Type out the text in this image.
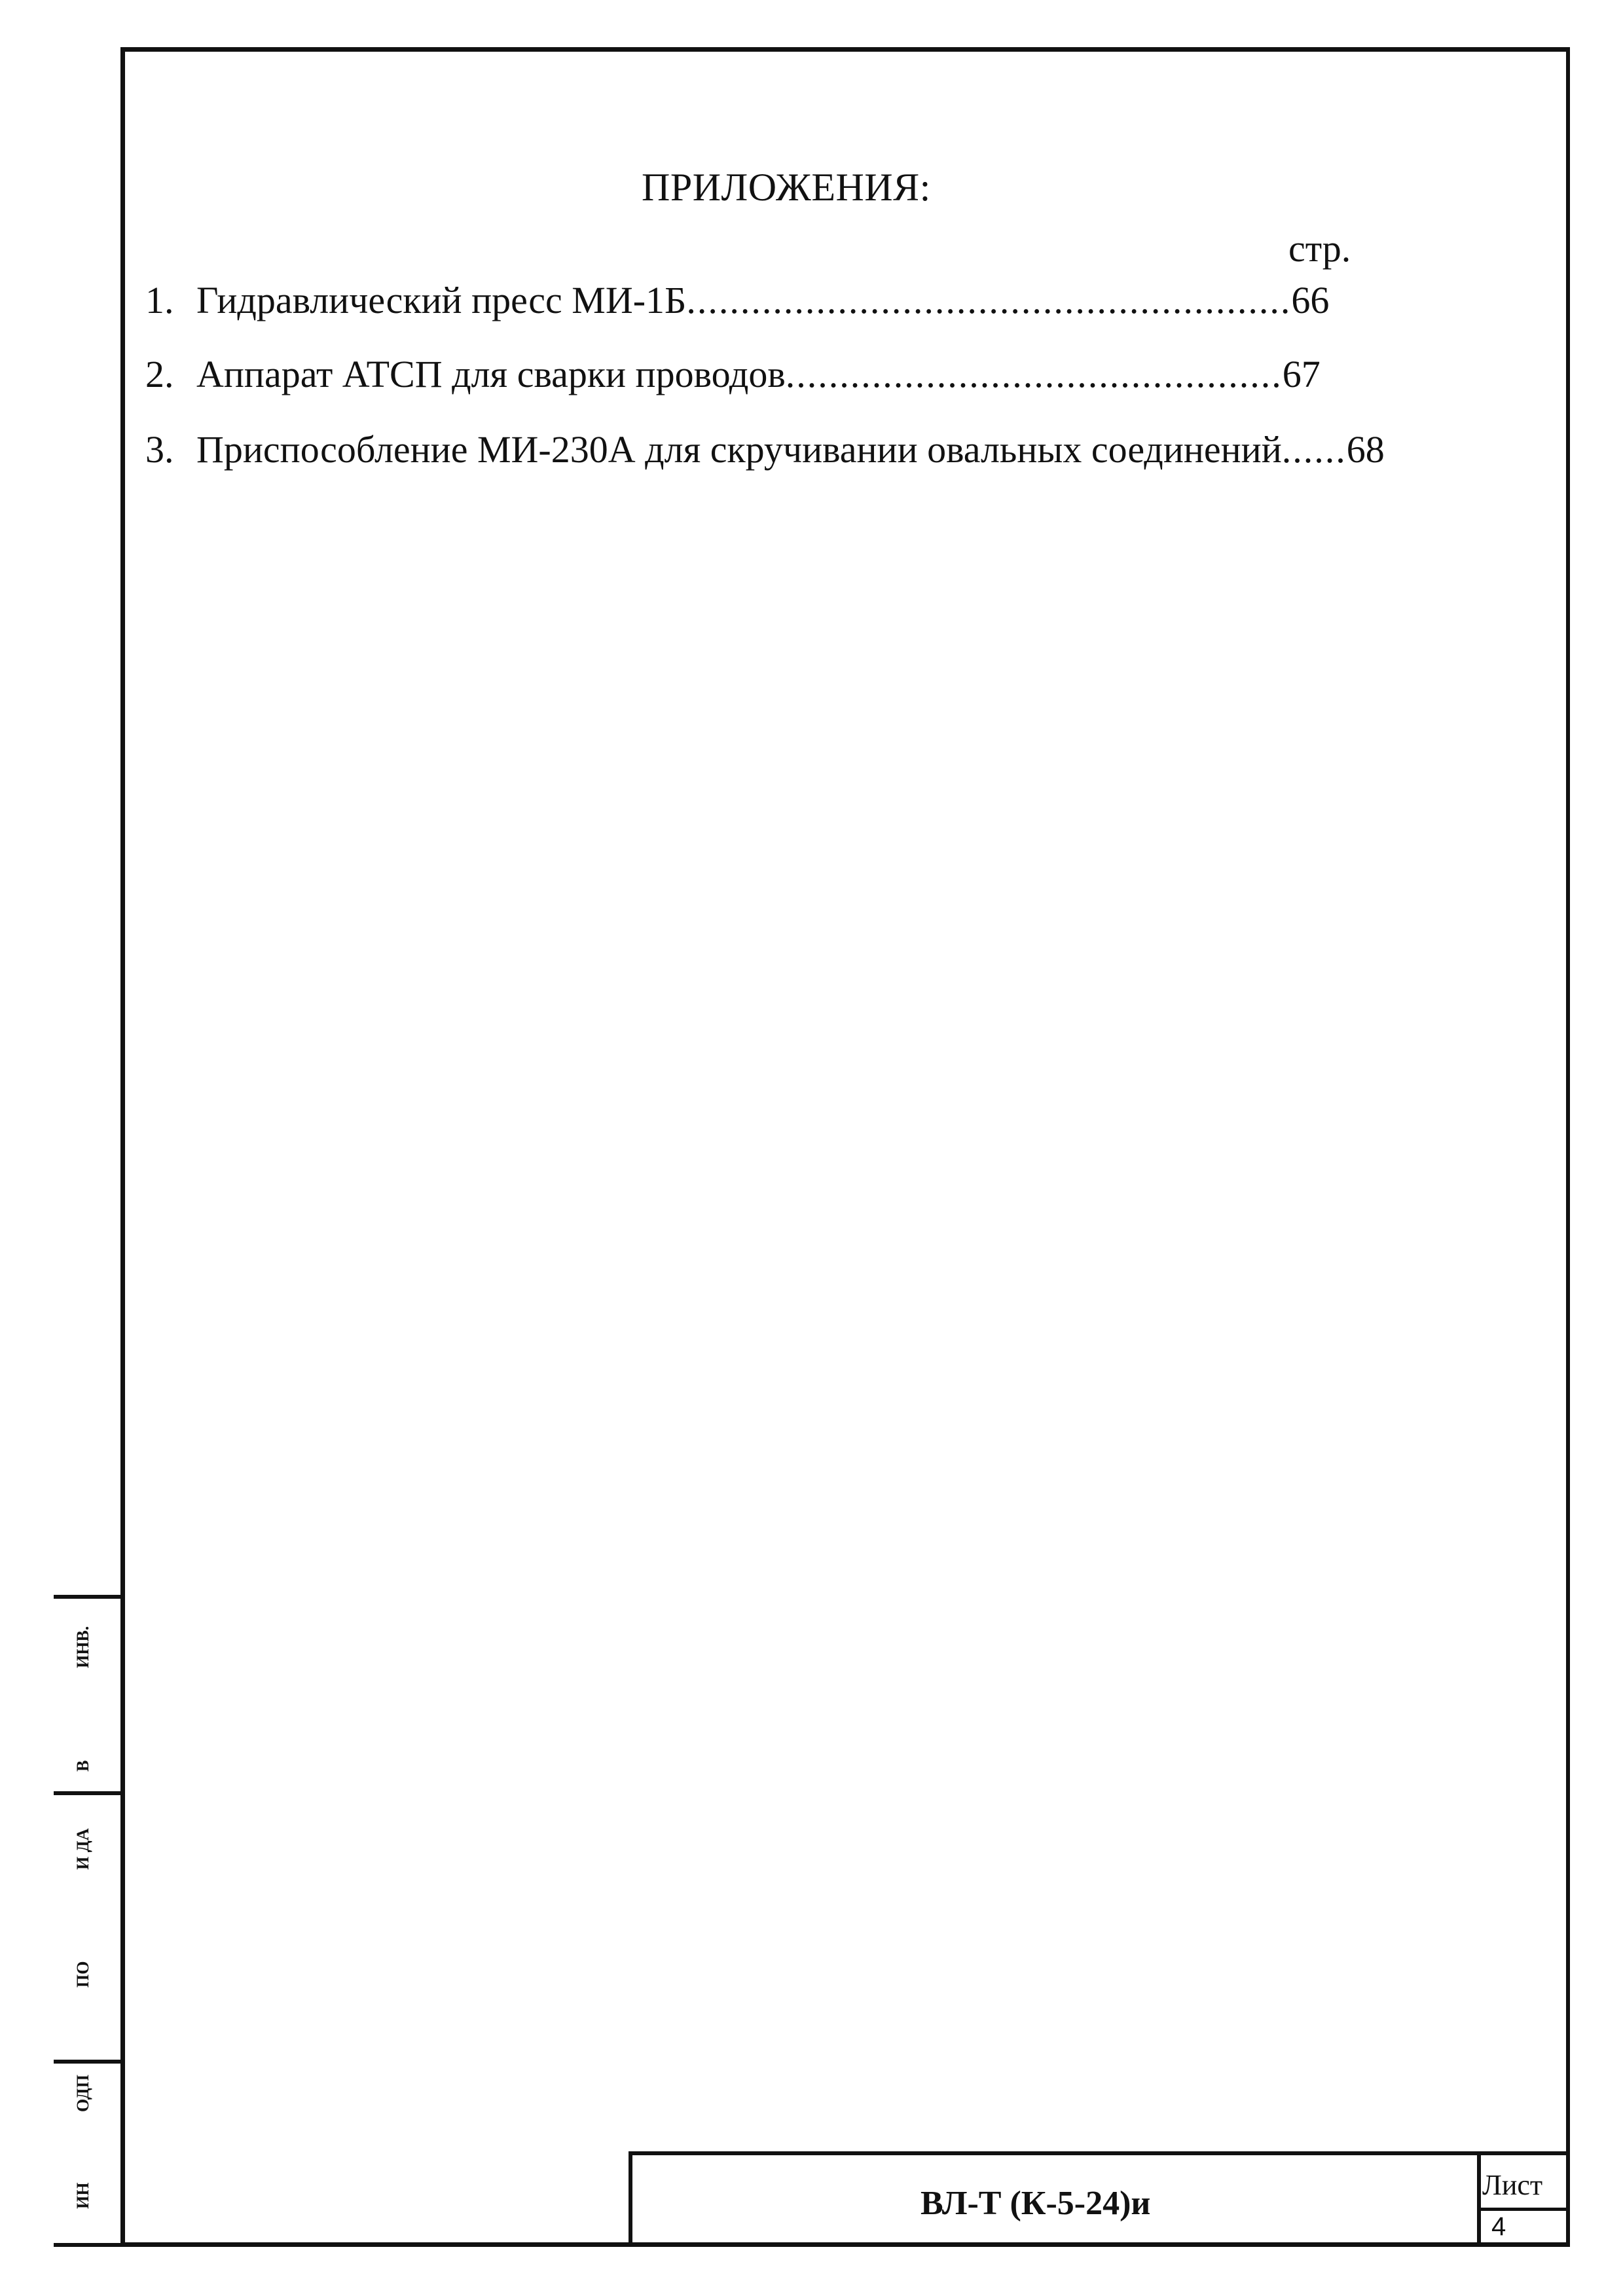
ПРИЛОЖЕНИЯ:
стр.
1. Гидравлический пресс МИ-1Б ........................................................ 66
2. Аппарат АТСП для сварки проводов .............................................. 67
3. Приспособление МИ-230А для скручивании овальных соединений ...... 68
ИНВ.
В
И ДА
ПО
ОДП
ИН	ВЛ-Т (К-5-24)и	Лист
4
